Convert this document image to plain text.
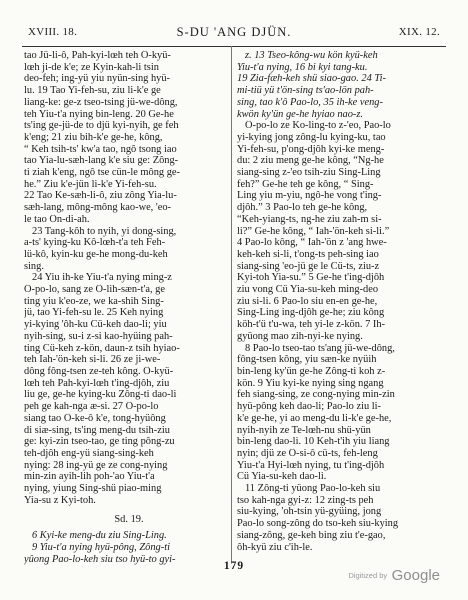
XVIII. 18.	S-DU 'ANG DJÜN.	XIX. 12.
tao Jü-li-ô, Pah-kyi-lœh teh Ô-kyü-
lœh ji-de k'e; ze Kyin-kah-li tsin
deo-feh; ing-yü yiu nyün-sing hyü-
lu. 19 Tao Yi-feh-su, ziu li-k'e ge
liang-ke: ge-z tseo-tsing jü-we-dông,
teh Yiu-t'a nying bin-leng. 20 Ge-he
ts'ing ge-jü-de to djü kyi-nyih, ge feh
k'eng; 21 ziu bih-k'e ge-he, kông,
“ Keh tsih-ts' kw'a tao, ngô tsong iao
tao Yia-lu-sæh-lang k'e siu ge: Zông-
ti ziah k'eng, ngô tse cün-le mông ge-
he.” Ziu k'e-jün li-k'e Yi-feh-su.
22 Tao Ke-sæh-li-ô, ziu zông Yia-lu-
sæh-lang, mông-mông kao-we, 'eo-
le tao Ôn-di-ah.
23 Tang-kôh to nyih, yi dong-sing,
a-ts' kying-ku Kô-lœh-t'a teh Feh-
lü-kô, kyin-ku ge-he mong-du-keh
sing.
24 Yiu ih-ke Yiu-t'a nying ming-z
Ô-po-lo, sang ze Ô-lih-sæn-t'a, ge
ting yiu k'eo-ze, we ka-shih Sing-
jü, tao Yi-feh-su le. 25 Keh nying
yi-kying 'ôh-ku Cü-keh dao-li; yiu
nyih-sing, su-i z-si kao-hyüing pah-
ting Cü-keh z-kön, daun-z tsih hyiao-
teh Iah-'ön-keh si-li. 26 ze ji-we-
dông fông-tsen ze-teh kông. Ô-kyü-
lœh teh Pah-kyi-lœh t'ing-djôh, ziu
liu ge, ge-he kying-ku Zông-ti dao-li
peh ge kah-nga æ-si. 27 Ô-po-lo
siang tao Ô-ke-ô k'e, tong-hyüông
di siæ-sing, ts'ing meng-du tsih-ziu
ge: kyi-zin tseo-tao, ge ting pông-zu
teh-djôh eng-yü siang-sing-keh
nying: 28 ing-yü ge ze cong-nying
min-zin ayih-lih poh-'ao Yiu-t'a
nying, yiung Sing-shü piao-ming
Yia-su z Kyi-toh.
Sd. 19.
6 Kyi-ke meng-du ziu Sing-Ling.
9 Yiu-t'a nying hyü-pông, Zông-ti
yûong Pao-lo-keh siu tso hyü-to gyi-
z. 13 Tseo-kông-wu kön kyü-keh
Yiu-t'a nying, 16 bi kyi tang-ku.
19 Zia-fæh-keh shü siao-gao. 24 Ti-
mi-tiü yü t'ön-sing ts'ao-lön pah-
sing, tao k'ô Pao-lo, 35 ih-ke veng-
kwön ky'ün ge-he hyiao nao-z.
Ô-po-lo ze Ko-ling-to z-'eo, Pao-lo
yi-kying jong zông-lu kying-ku, tao
Yi-feh-su, p'ong-djôh kyi-ke meng-
du: 2 ziu meng ge-he kông, “Ng-he
siang-sing z-'eo tsih-ziu Sing-Ling
feh?” Ge-he teh ge kông, “ Sing-
Ling yiu m-yiu, ngô-he vong t'ing-
djôh.” 3 Pao-lo teh ge-he kông,
“Keh-yiang-ts, ng-he ziu zah-m si-
li?” Ge-he kông, “ Iah-'ön-keh si-li.”
4 Pao-lo kông, “ Iah-'ön z 'ang hwe-
keh-keh si-li, t'ong-ts peh-sing iao
siang-sing 'eo-jü ge le Cü-ts, ziu-z
Kyi-toh Yia-su.” 5 Ge-he t'ing-djôh
ziu vong Cü Yia-su-keh ming-deo
ziu si-li. 6 Pao-lo siu en-en ge-he,
Sing-Ling ing-djôh ge-he; ziu kông
köh-t'ü t'u-wa, teh yi-le z-kön. 7 Ih-
gyüong mao zih-nyi-ke nying.
8 Pao-lo tseo-tao ts'ang jü-we-dông,
fông-tsen kông, yiu sæn-ke nyüih
bin-leng ky'ün ge-he Zông-ti koh z-
kön. 9 Yiu kyi-ke nying sing ngang
feh siang-sing, ze cong-nying min-zin
hyü-pông keh dao-li; Pao-lo ziu li-
k'e ge-he, yi ao meng-du li-k'e ge-he,
nyih-nyih ze Te-lœh-nu shü-yün
bin-leng dao-li. 10 Keh-t'ih yiu liang
nyin; djü ze Ô-si-ô cü-ts, feh-leng
Yiu-t'a Hyi-lœh nying, tu t'ing-djôh
Cü Yia-su-keh dao-li.
11 Zông-ti yüong Pao-lo-keh siu
tso kah-nga gyi-z: 12 zing-ts peh
siu-kying, 'oh-tsin yü-gyüing, jong
Pao-lo song-zông do tso-keh siu-kying
siang-zông, ge-keh bing ziu t'e-gao,
ôh-kyü ziu c'ih-le.
179
Digitized by Google
